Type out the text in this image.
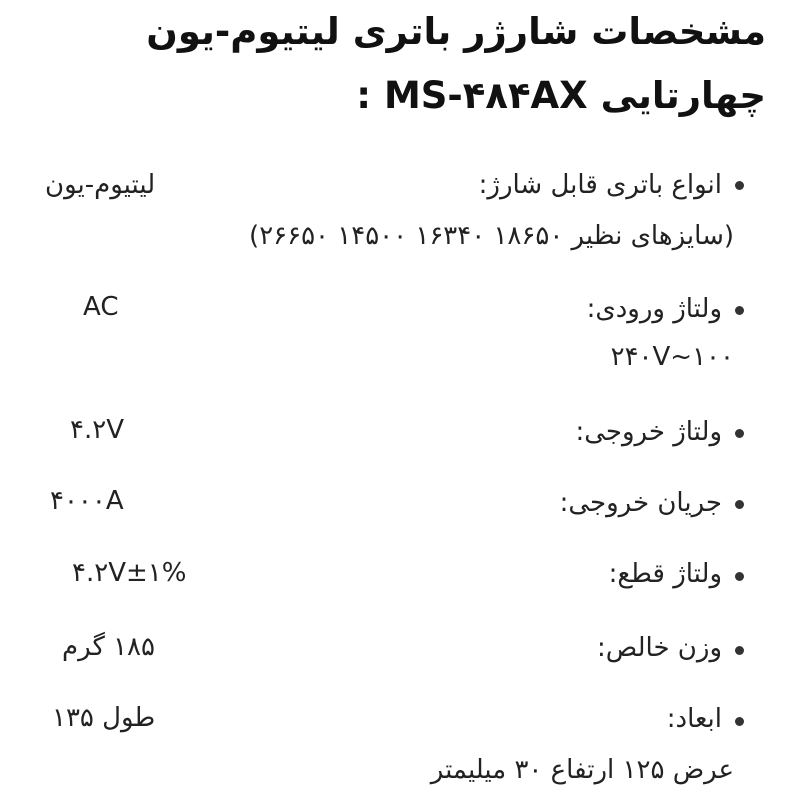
مشخصات شارژر باتری لیتیوم-یون
چهارتایی MS-۴۸۴AX :
انواع باتری قابل شارژ:
لیتیوم-یون
(سایزهای نظیر ۱۸۶۵۰ ۱۶۳۴۰ ۱۴۵۰۰ ۲۶۶۵۰)
ولتاژ ورودی:
AC
۱۰۰~۲۴۰V
ولتاژ خروجی:
۴.۲V
جریان خروجی:
۴۰۰۰A
ولتاژ قطع:
۴.۲V±۱%
وزن خالص:
۱۸۵ گرم
ابعاد:
طول ۱۳۵
عرض ۱۲۵ ارتفاع ۳۰ میلیمتر
